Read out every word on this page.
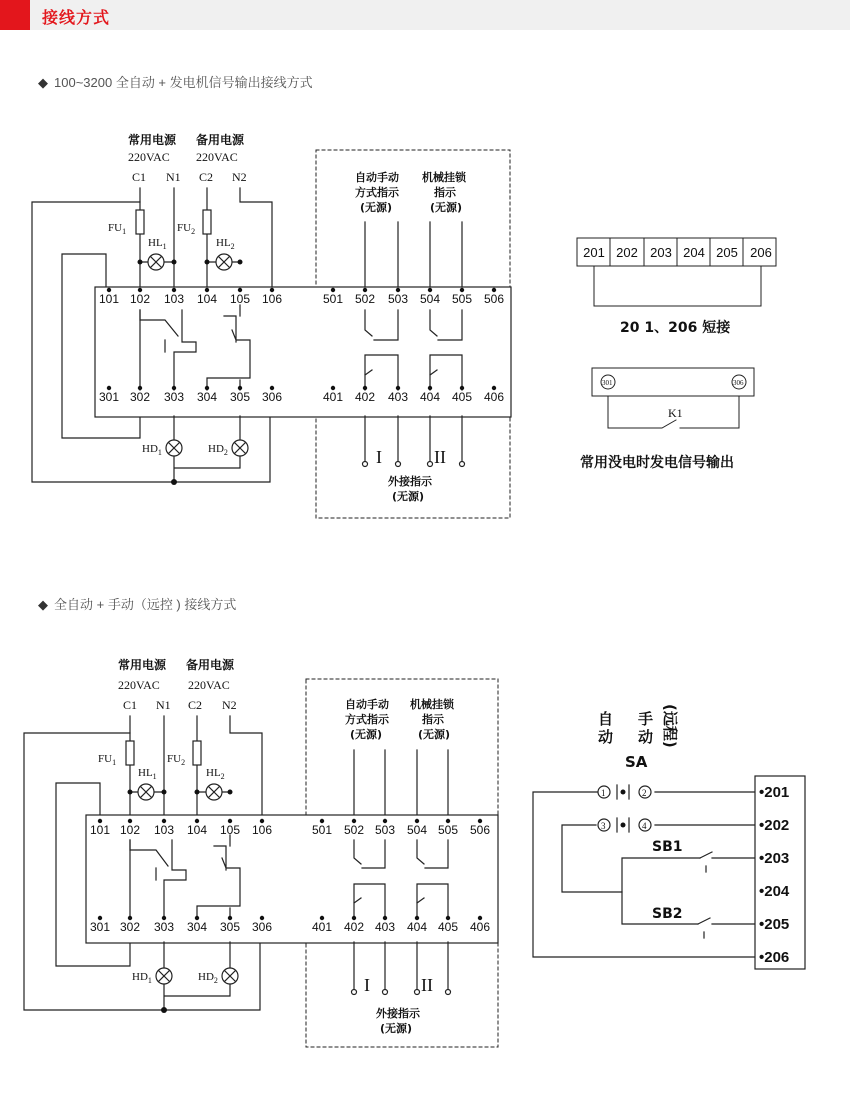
接线方式
◆ 100~3200 全自动 + 发电机信号输出接线方式
◆ 全自动 + 手动（远控 ) 接线方式
常用电源 备用电源
220VAC 220VAC
C1 N1 C2 N2
$FU_1$	$FU_2$
$HL_1$	$HL_2$
自动手动
方式指示
(无源)
机械挂锁
指示
(无源)
I	II
外接指示
(无源)
$HD_1$	$HD_2$
101 102 103 104 105 106	501 502 503 504 505 506
301 302 303 304 305 306	401 402 403 404 405 406
201 202 203 204 205 206
20 1、206 短接
301	306
K1
常用没电时发电信号输出
常用电源 备用电源
220VAC 220VAC
C1 N1 C2 N2
$FU_1$	$FU_2$
$HL_1$	$HL_2$
自动手动
方式指示
(无源)
机械挂锁
指示
(无源)
I	II
外接指示
(无源)
$HD_1$	$HD_2$
101 102 103 104 105 106	501 502 503 504 505 506
301 302 303 304 305 306	401 402 403 404 405 406
自
动
手
动 (远程)
SA
1	2
3	4
SB1
SB2
•201
•202
•203
•204
•205
•206
